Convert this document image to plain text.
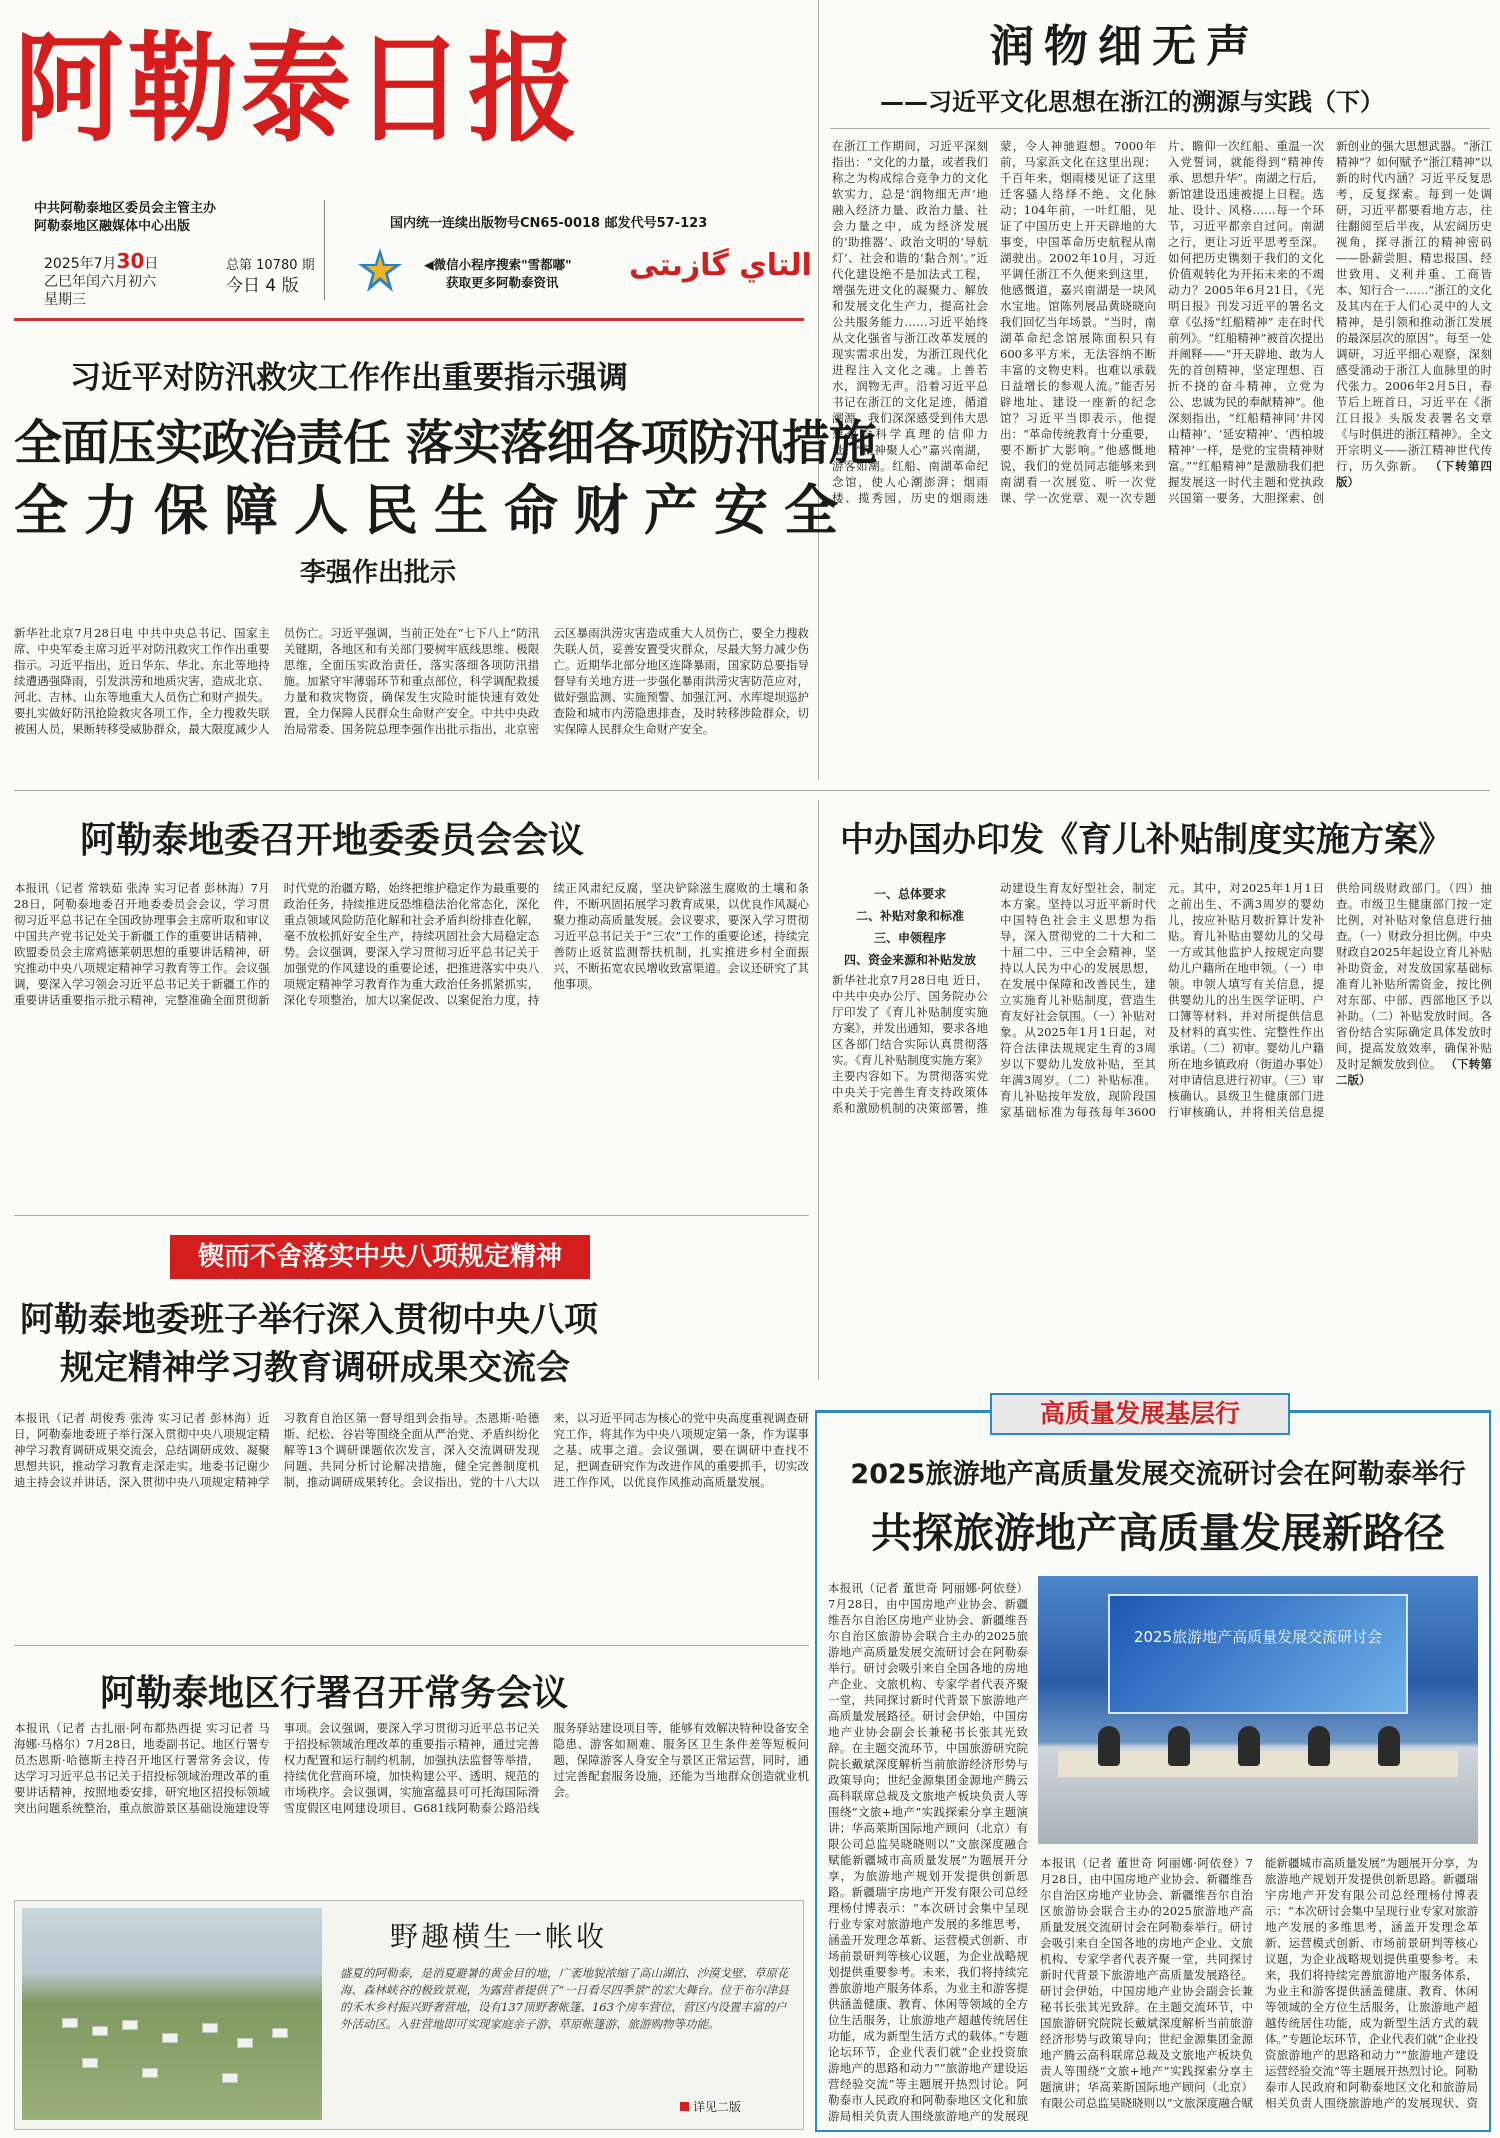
阿勒泰日报
中共阿勒泰地区委员会主管主办
阿勒泰地区融媒体中心出版	国内统一连续出版物号CN65-0018 邮发代号57-123
2025年7月30日
乙巳年闰六月初六
星期三
总第 10780 期
今日 4 版
◀微信小程序搜索"雪都嘟"
获取更多阿勒泰资讯	التاي گازىتى
润物细无声
——习近平文化思想在浙江的溯源与实践（下）
在浙江工作期间，习近平深刻指出：“文化的力量，或者我们称之为构成综合竞争力的文化软实力，总是‘润物细无声’地融入经济力量、政治力量、社会力量之中，成为经济发展的‘助推器’、政治文明的‘导航灯’、社会和谐的‘黏合剂’。”近代化建设绝不是加法式工程，增强先进文化的凝聚力、解放和发展文化生产力，提高社会公共服务能力……习近平始终从文化强省与浙江改革发展的现实需求出发，为浙江现代化进程注入文化之魂。上善若水，润物无声。沿着习近平总书记在浙江的文化足迹，循道溯源，我们深深感受到伟大思想蕴含科学真理的信仰力量。“精神聚人心”嘉兴南湖，游客如潮。红船、南湖革命纪念馆，使人心潮澎湃；烟雨楼、揽秀园，历史的烟雨迷蒙，令人神驰遐想。7000年前，马家浜文化在这里出现；千百年来，烟雨楼见证了这里迁客骚人络绎不绝、文化脉动；104年前，一叶红船，见证了中国历史上开天辟地的大事变，中国革命历史航程从南湖驶出。2002年10月，习近平调任浙江不久便来到这里，他感慨道，嘉兴南湖是一块风水宝地。馆陈列展品黄晓晓向我们回忆当年场景。“当时，南湖革命纪念馆展陈面积只有600多平方米，无法容纳不断丰富的文物史料。也难以承载日益增长的参观人流。”能否另辟地址、建设一座新的纪念馆？习近平当即表示，他提出：“革命传统教育十分重要，要不断扩大影响。”他感慨地说，我们的党员同志能够来到南湖看一次展览、听一次党课、学一次党章、观一次专题片、瞻仰一次红船、重温一次入党誓词，就能得到“精神传承、思想升华”。南湖之行后，新馆建设迅速被提上日程。选址、设计、风格……每一个环节，习近平都亲自过问。南湖之行，更让习近平思考至深。如何把历史镌刻于我们的文化价值观转化为开拓未来的不竭动力？2005年6月21日，《光明日报》刊发习近平的署名文章《弘扬“红船精神” 走在时代前列》。“红船精神”被首次提出并阐释——“开天辟地、敢为人先的首创精神，坚定理想、百折不挠的奋斗精神，立党为公、忠诚为民的奉献精神”。他深刻指出，“红船精神同‘井冈山精神’、‘延安精神’、‘西柏坡精神’一样，是党的宝贵精神财富。”“红船精神”是激励我们把握发展这一时代主题和党执政兴国第一要务，大胆探索、创新创业的强大思想武器。“浙江精神”？如何赋予“浙江精神”以新的时代内涵？习近平反复思考，反复探索。每到一处调研，习近平都要看地方志，往往翻阅至后半夜，从宏阔历史视角，探寻浙江的精神密码——卧薪尝胆、精忠报国、经世致用、义利并重、工商皆本、知行合一……“浙江的文化及其内在于人们心灵中的人文精神，是引领和推动浙江发展的最深层次的原因”。每至一处调研，习近平细心观察，深刻感受涌动于浙江人血脉里的时代张力。2006年2月5日，春节后上班首日，习近平在《浙江日报》头版发表署名文章《与时俱进的浙江精神》。全文开宗明义——浙江精神世代传行，历久弥新。 （下转第四版）
习近平对防汛救灾工作作出重要指示强调
全面压实政治责任 落实落细各项防汛措施
全力保障人民生命财产安全
李强作出批示
新华社北京7月28日电 中共中央总书记、国家主席、中央军委主席习近平对防汛救灾工作作出重要指示。习近平指出，近日华东、华北、东北等地持续遭遇强降雨，引发洪涝和地质灾害，造成北京、河北、吉林、山东等地重大人员伤亡和财产损失。要扎实做好防汛抢险救灾各项工作，全力搜救失联被困人员，果断转移受威胁群众，最大限度减少人员伤亡。习近平强调，当前正处在“七下八上”防汛关键期，各地区和有关部门要树牢底线思维、极限思维，全面压实政治责任，落实落细各项防汛措施。加紧守牢薄弱环节和重点部位，科学调配救援力量和救灾物资，确保发生灾险时能快速有效处置，全力保障人民群众生命财产安全。中共中央政治局常委、国务院总理李强作出批示指出，北京密云区暴雨洪涝灾害造成重大人员伤亡，要全力搜救失联人员，妥善安置受灾群众，尽最大努力减少伤亡。近期华北部分地区连降暴雨，国家防总要指导督导有关地方进一步强化暴雨洪涝灾害防范应对，做好强监测、实施预警、加强江河、水库堤坝巡护查险和城市内涝隐患排查，及时转移涉险群众，切实保障人民群众生命财产安全。
阿勒泰地委召开地委委员会会议
本报讯（记者 常轶茹 张涛 实习记者 彭林海）7月28日，阿勒泰地委召开地委委员会会议，学习贯彻习近平总书记在全国政协理事会主席听取和审议中国共产党书记处关于新疆工作的重要讲话精神，欧盟委员会主席鸡德莱朝思想的重要讲话精神，研究推动中央八项规定精神学习教育等工作。会议强调，要深入学习领会习近平总书记关于新疆工作的重要讲话重要指示批示精神，完整准确全面贯彻新时代党的治疆方略，始终把维护稳定作为最重要的政治任务，持续推进反恐维稳法治化常态化，深化重点领域风险防范化解和社会矛盾纠纷排查化解，毫不放松抓好安全生产，持续巩固社会大局稳定态势。会议强调，要深入学习贯彻习近平总书记关于加强党的作风建设的重要论述，把推进落实中央八项规定精神学习教育作为重大政治任务抓紧抓实，深化专项整治，加大以案促改、以案促治力度，持续正风肃纪反腐，坚决铲除滋生腐败的土壤和条件，不断巩固拓展学习教育成果，以优良作风凝心聚力推动高质量发展。会议要求，要深入学习贯彻习近平总书记关于“三农”工作的重要论述，持续完善防止返贫监测帮扶机制，扎实推进乡村全面振兴，不断拓宽农民增收致富渠道。会议还研究了其他事项。
中办国办印发《育儿补贴制度实施方案》
一、总体要求
二、补贴对象和标准
三、申领程序
四、资金来源和补贴发放
新华社北京7月28日电 近日，中共中央办公厅、国务院办公厅印发了《育儿补贴制度实施方案》，并发出通知，要求各地区各部门结合实际认真贯彻落实。《育儿补贴制度实施方案》主要内容如下。为贯彻落实党中央关于完善生育支持政策体系和激励机制的决策部署，推动建设生育友好型社会，制定本方案。坚持以习近平新时代中国特色社会主义思想为指导，深入贯彻党的二十大和二十届二中、三中全会精神，坚持以人民为中心的发展思想，在发展中保障和改善民生，建立实施育儿补贴制度，营造生育友好社会氛围。（一）补贴对象。从2025年1月1日起，对符合法律法规规定生育的3周岁以下婴幼儿发放补贴，至其年满3周岁。（二）补贴标准。育儿补贴按年发放，现阶段国家基础标准为每孩每年3600元。其中，对2025年1月1日之前出生、不满3周岁的婴幼儿，按应补贴月数折算计发补贴。育儿补贴由婴幼儿的父母一方或其他监护人按规定向婴幼儿户籍所在地申领。（一）申领。申领人填写有关信息，提供婴幼儿的出生医学证明、户口簿等材料，并对所提供信息及材料的真实性、完整性作出承诺。（二）初审。婴幼儿户籍所在地乡镇政府（街道办事处）对申请信息进行初审。（三）审核确认。县级卫生健康部门进行审核确认，并将相关信息提供给同级财政部门。（四）抽查。市级卫生健康部门按一定比例，对补贴对象信息进行抽查。（一）财政分担比例。中央财政自2025年起设立育儿补贴补助资金，对发放国家基础标准育儿补贴所需资金，按比例对东部、中部、西部地区予以补助。（二）补贴发放时间。各省份结合实际确定具体发放时间，提高发放效率，确保补贴及时足额发放到位。 （下转第二版）
锲而不舍落实中央八项规定精神
阿勒泰地委班子举行深入贯彻中央八项
规定精神学习教育调研成果交流会
本报讯（记者 胡俊秀 张涛 实习记者 彭林海）近日，阿勒泰地委班子举行深入贯彻中央八项规定精神学习教育调研成果交流会，总结调研成效、凝聚思想共识，推动学习教育走深走实。地委书记谢少迪主持会议并讲话，深入贯彻中央八项规定精神学习教育自治区第一督导组到会指导。杰恩斯·哈德斯、纪松、谷岩等围绕全面从严治党、矛盾纠纷化解等13个调研课题依次发言，深入交流调研发现问题、共同分析讨论解决措施，健全完善制度机制，推动调研成果转化。会议指出，党的十八大以来，以习近平同志为核心的党中央高度重视调查研究工作，将其作为中央八项规定第一条，作为谋事之基、成事之道。会议强调，要在调研中查找不足，把调查研究作为改进作风的重要抓手，切实改进工作作风，以优良作风推动高质量发展。
阿勒泰地区行署召开常务会议
本报讯（记者 古扎丽·阿布都热西提 实习记者 马海娜·马格尔）7月28日，地委副书记、地区行署专员杰恩斯·哈德斯主持召开地区行署常务会议，传达学习习近平总书记关于招投标领域治理改革的重要讲话精神，按照地委安排，研究地区招投标领域突出问题系统整治，重点旅游景区基础设施建设等事项。会议强调，要深入学习贯彻习近平总书记关于招投标领域治理改革的重要指示精神，通过完善权力配置和运行制约机制，加强执法监督等举措，持续优化营商环境，加快构建公平、透明、规范的市场秩序。会议强调，实施富蕴县可可托海国际滑雪度假区电网建设项目、G681线阿勒泰公路沿线服务驿站建设项目等，能够有效解决特种设备安全隐患、游客如厕难、服务区卫生条件差等短板问题，保障游客人身安全与景区正常运营，同时，通过完善配套服务设施，还能为当地群众创造就业机会。
高质量发展基层行
2025旅游地产高质量发展交流研讨会在阿勒泰举行
共探旅游地产高质量发展新路径
2025旅游地产高质量发展交流研讨会
本报讯（记者 董世奇 阿丽娜·阿依登）7月28日，由中国房地产业协会、新疆维吾尔自治区房地产业协会、新疆维吾尔自治区旅游协会联合主办的2025旅游地产高质量发展交流研讨会在阿勒泰举行。研讨会吸引来自全国各地的房地产企业、文旅机构、专家学者代表齐聚一堂，共同探讨新时代背景下旅游地产高质量发展路径。研讨会伊始，中国房地产业协会副会长兼秘书长张其光致辞。在主题交流环节，中国旅游研究院院长戴斌深度解析当前旅游经济形势与政策导向；世纪金源集团金源地产腾云高科联席总裁及文旅地产板块负责人等围绕“文旅+地产”实践探索分享主题演讲；华高莱斯国际地产顾问（北京）有限公司总监吴晓晓则以“文旅深度融合赋能新疆城市高质量发展”为题展开分享，为旅游地产规划开发提供创新思路。新疆瑞宇房地产开发有限公司总经理杨付博表示：“本次研讨会集中呈现行业专家对旅游地产发展的多维思考，涵盖开发理念革新、运营模式创新、市场前景研判等核心议题，为企业战略规划提供重要参考。未来，我们将持续完善旅游地产服务体系，为业主和游客提供涵盖健康、教育、休闲等领域的全方位生活服务，让旅游地产超越传统居住功能，成为新型生活方式的载体。”专题论坛环节，企业代表们就“企业投资旅游地产的思路和动力”“旅游地产建设运营经验交流”等主题展开热烈讨论。阿勒泰市人民政府和阿勒泰地区文化和旅游局相关负责人围绕旅游地产的发展现
本报讯（记者 董世奇 阿丽娜·阿依登）7月28日，由中国房地产业协会、新疆维吾尔自治区房地产业协会、新疆维吾尔自治区旅游协会联合主办的2025旅游地产高质量发展交流研讨会在阿勒泰举行。研讨会吸引来自全国各地的房地产企业、文旅机构、专家学者代表齐聚一堂，共同探讨新时代背景下旅游地产高质量发展路径。研讨会伊始，中国房地产业协会副会长兼秘书长张其光致辞。在主题交流环节，中国旅游研究院院长戴斌深度解析当前旅游经济形势与政策导向；世纪金源集团金源地产腾云高科联席总裁及文旅地产板块负责人等围绕“文旅+地产”实践探索分享主题演讲；华高莱斯国际地产顾问（北京）有限公司总监吴晓晓则以“文旅深度融合赋能新疆城市高质量发展”为题展开分享，为旅游地产规划开发提供创新思路。新疆瑞宇房地产开发有限公司总经理杨付博表示：“本次研讨会集中呈现行业专家对旅游地产发展的多维思考，涵盖开发理念革新、运营模式创新、市场前景研判等核心议题，为企业战略规划提供重要参考。未来，我们将持续完善旅游地产服务体系，为业主和游客提供涵盖健康、教育、休闲等领域的全方位生活服务，让旅游地产超越传统居住功能，成为新型生活方式的载体。”专题论坛环节，企业代表们就“企业投资旅游地产的思路和动力”“旅游地产建设运营经验交流”等主题展开热烈讨论。阿勒泰市人民政府和阿勒泰地区文化和旅游局相关负责人围绕旅游地产的发展现状、资
野趣横生一帐收
盛夏的阿勒泰，是消夏避暑的黄金目的地，广袤地貌浓缩了高山湖泊、沙漠戈壁、草原花海、森林峡谷的极致景观，为露营者提供了“一日看尽四季景”的宏大舞台。位于布尔津县的禾木乡村振兴野奢营地，设有137顶野奢帐篷、163个房车营位，营区内设置丰富的户外活动区。入驻营地即可实现家庭亲子游、草原帐篷游、旅游购物等功能。
详见二版
